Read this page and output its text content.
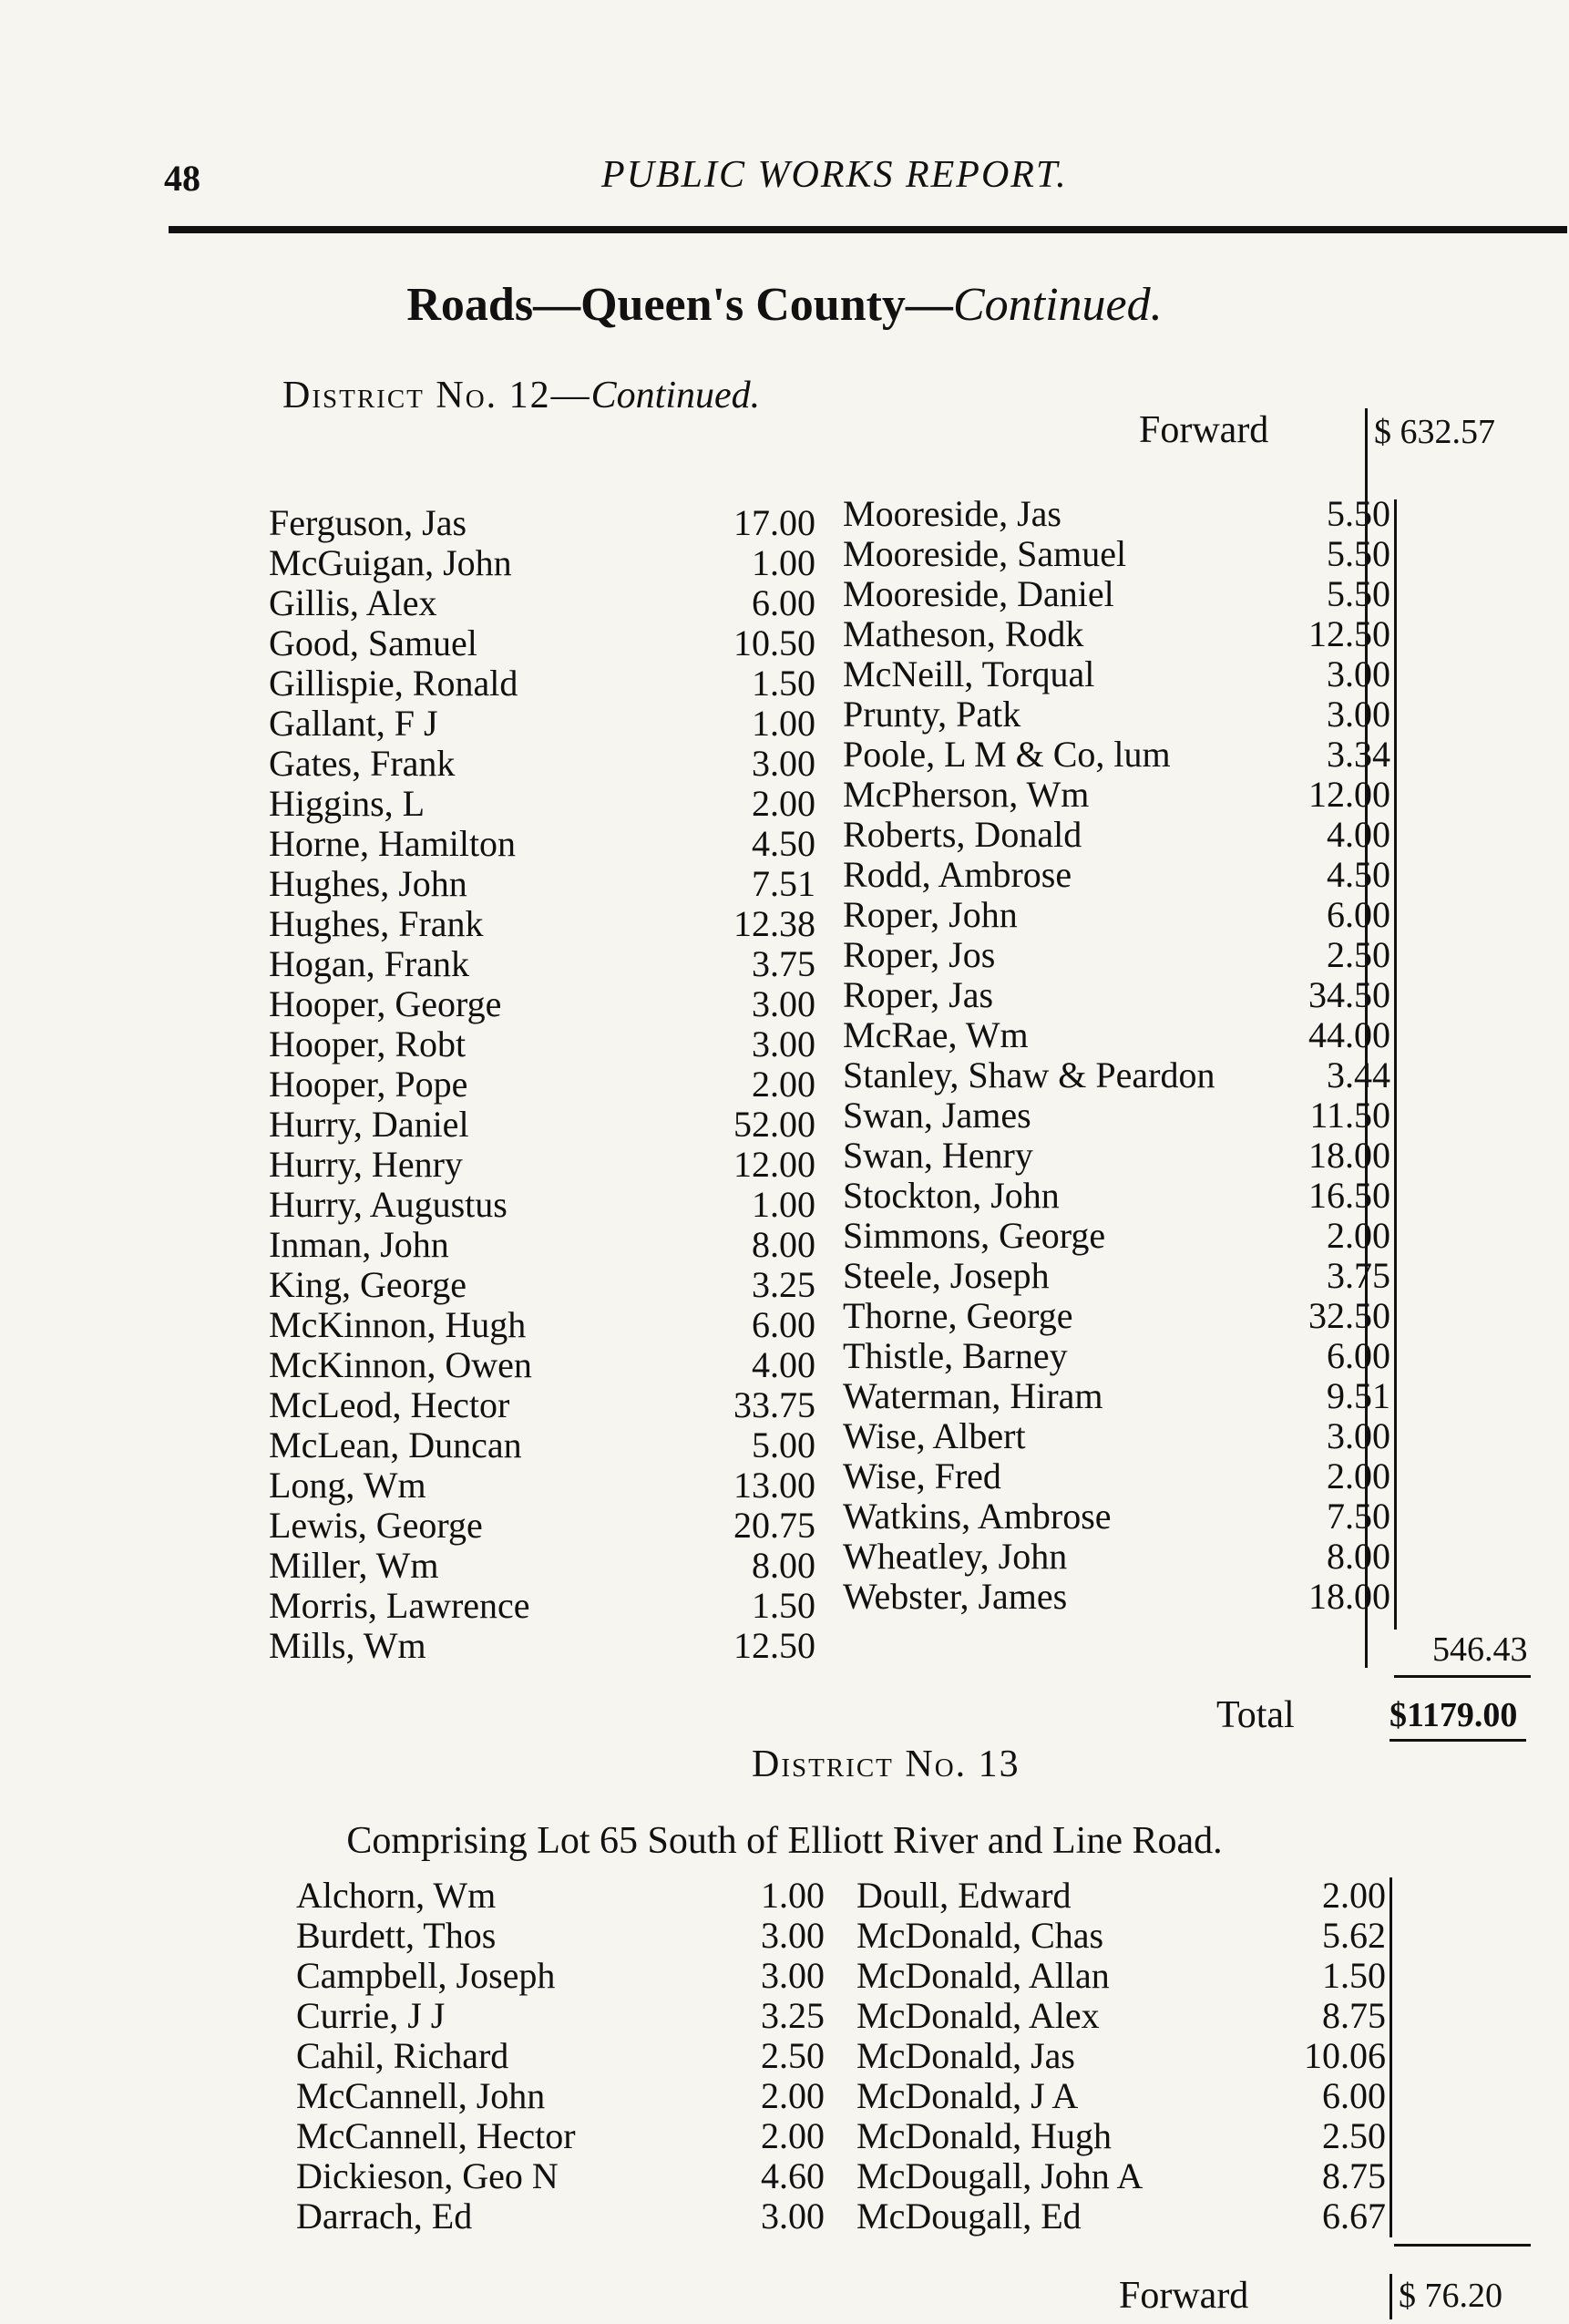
48	PUBLIC WORKS REPORT.
Roads—Queen's County—Continued.
District No. 12—Continued.
Forward	$ 632.57
Ferguson, Jas	17.00
McGuigan, John	1.00
Gillis, Alex	6.00
Good, Samuel	10.50
Gillispie, Ronald	1.50
Gallant, F J	1.00
Gates, Frank	3.00
Higgins, L	2.00
Horne, Hamilton	4.50
Hughes, John	7.51
Hughes, Frank	12.38
Hogan, Frank	3.75
Hooper, George	3.00
Hooper, Robt	3.00
Hooper, Pope	2.00
Hurry, Daniel	52.00
Hurry, Henry	12.00
Hurry, Augustus	1.00
Inman, John	8.00
King, George	3.25
McKinnon, Hugh	6.00
McKinnon, Owen	4.00
McLeod, Hector	33.75
McLean, Duncan	5.00
Long, Wm	13.00
Lewis, George	20.75
Miller, Wm	8.00
Morris, Lawrence	1.50
Mills, Wm	12.50
Mooreside, Jas	5.50
Mooreside, Samuel	5.50
Mooreside, Daniel	5.50
Matheson, Rodk	12.50
McNeill, Torqual	3.00
Prunty, Patk	3.00
Poole, L M & Co, lum	3.34
McPherson, Wm	12.00
Roberts, Donald	4.00
Rodd, Ambrose	4.50
Roper, John	6.00
Roper, Jos	2.50
Roper, Jas	34.50
McRae, Wm	44.00
Stanley, Shaw & Peardon	3.44
Swan, James	11.50
Swan, Henry	18.00
Stockton, John	16.50
Simmons, George	2.00
Steele, Joseph	3.75
Thorne, George	32.50
Thistle, Barney	6.00
Waterman, Hiram	9.51
Wise, Albert	3.00
Wise, Fred	2.00
Watkins, Ambrose	7.50
Wheatley, John	8.00
Webster, James	18.00
546.43
Total	$1179.00
District No. 13
Comprising Lot 65 South of Elliott River and Line Road.
Alchorn, Wm	1.00
Burdett, Thos	3.00
Campbell, Joseph	3.00
Currie, J J	3.25
Cahil, Richard	2.50
McCannell, John	2.00
McCannell, Hector	2.00
Dickieson, Geo N	4.60
Darrach, Ed	3.00
Doull, Edward	2.00
McDonald, Chas	5.62
McDonald, Allan	1.50
McDonald, Alex	8.75
McDonald, Jas	10.06
McDonald, J A	6.00
McDonald, Hugh	2.50
McDougall, John A	8.75
McDougall, Ed	6.67
Forward	$ 76.20
